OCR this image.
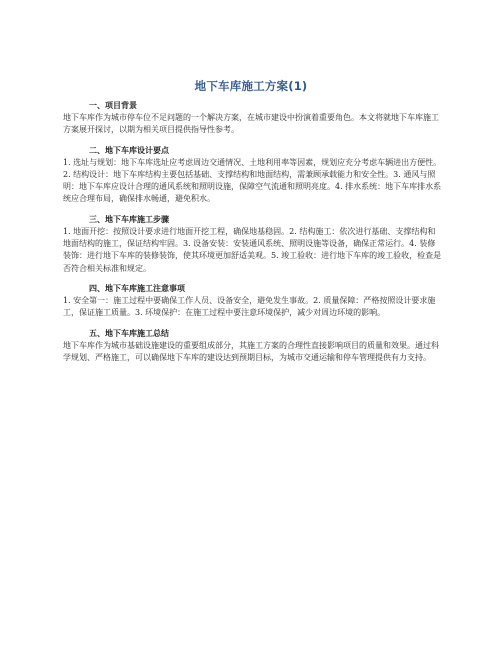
地下车库施工方案(1)
一、项目背景

地下车库作为城市停车位不足问题的一个解决方案，在城市建设中扮演着重要角色。本文将就地下车库施工方案展开探讨，以期为相关项目提供指导性参考。

二、地下车库设计要点

1. 选址与规划：地下车库选址应考虑周边交通情况、土地利用率等因素，规划应充分考虑车辆进出方便性。2. 结构设计：地下车库结构主要包括基础、支撑结构和地面结构，需兼顾承载能力和安全性。3. 通风与照明：地下车库应设计合理的通风系统和照明设施，保障空气流通和照明亮度。4. 排水系统：地下车库排水系统应合理布局，确保排水畅通，避免积水。

三、地下车库施工步骤

1. 地面开挖：按照设计要求进行地面开挖工程，确保地基稳固。2. 结构施工：依次进行基础、支撑结构和地面结构的施工，保证结构牢固。3. 设备安装：安装通风系统、照明设施等设备，确保正常运行。4. 装修装饰：进行地下车库的装修装饰，使其环境更加舒适美观。5. 竣工验收：进行地下车库的竣工验收，检查是否符合相关标准和规定。

四、地下车库施工注意事项

1. 安全第一：施工过程中要确保工作人员、设备安全，避免发生事故。2. 质量保障：严格按照设计要求施工，保证施工质量。3. 环境保护：在施工过程中要注意环境保护，减少对周边环境的影响。

五、地下车库施工总结

地下车库作为城市基础设施建设的重要组成部分，其施工方案的合理性直接影响项目的质量和效果。通过科学规划、严格施工，可以确保地下车库的建设达到预期目标，为城市交通运输和停车管理提供有力支持。
